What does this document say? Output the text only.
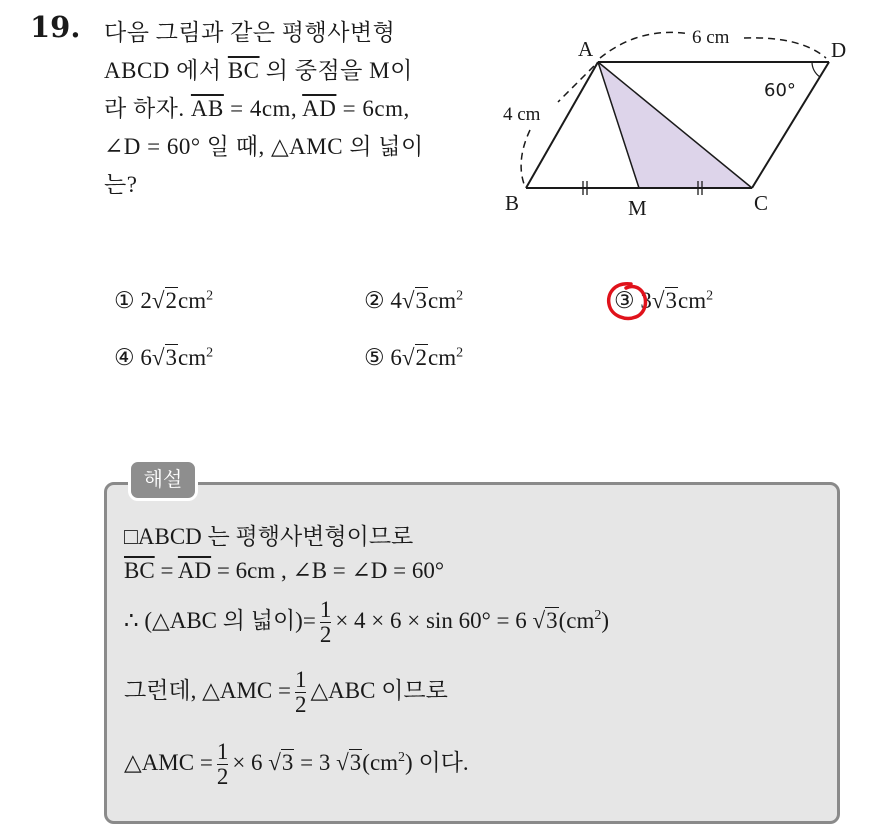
19. 다음 그림과 같은 평행사변형
ABCD 에서 $\overline{BC}$ 의 중점을 M이
라 하자. $\overline{AB} = 4cm$, $\overline{AD} = 6cm$,
∠D = 60° 일 때, △AMC 의 넓이
는?
A
B	C
D
M
6 cm
4 cm
60°
① $2√2cm^2$	② $4√3cm^2$	③ $3√3cm^2$
④ $6√3cm^2$	⑤ $6√2cm^2$
해설
□ABCD 는 평행사변형이므로
$\overline{BC} = \overline{AD} = 6cm$ , ∠B = ∠D = 60°
∴ (△ABC 의 넓이)= $\frac{1}{2} \times 4 \times 6 \times \sin 60^\circ = 6$ $√3(cm^2)$
그런데, △AMC = $\frac{1}{2}$ △ABC 이므로
△AMC = $\frac{1}{2} \times 6$ √3 = 3 $√3(cm^2)$ 이다.
